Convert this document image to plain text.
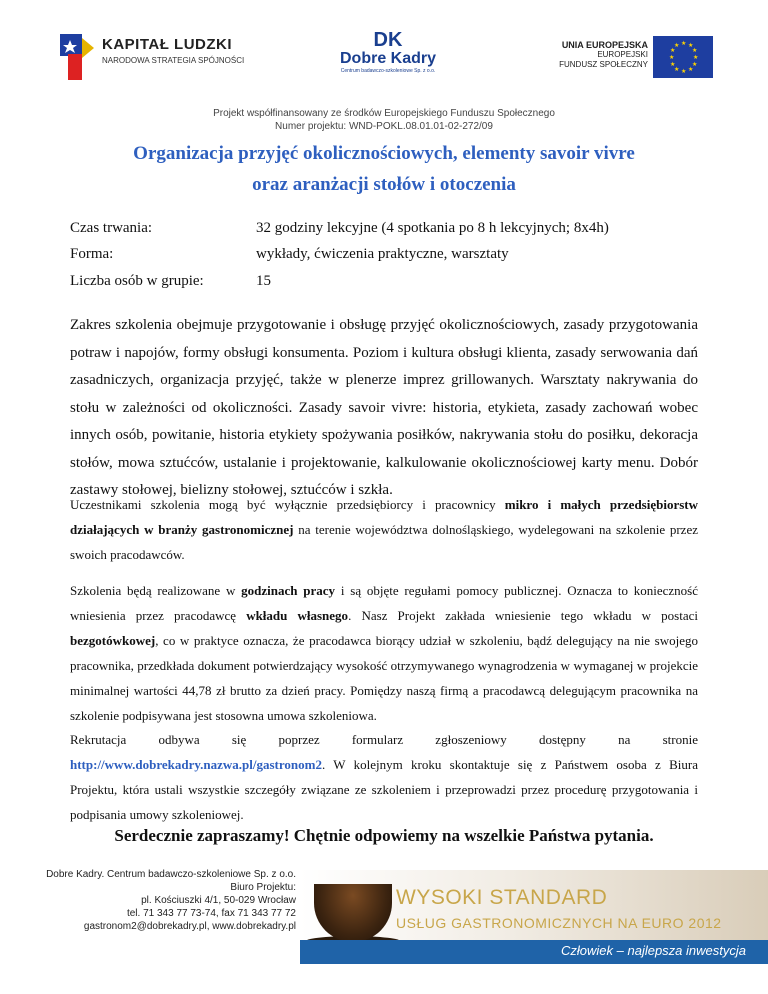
KAPITAŁ LUDZKI
NARODOWA STRATEGIA SPÓJNOŚCI
DK
Dobre Kadry
Centrum badawczo-szkoleniowe Sp. z o.o.
UNIA EUROPEJSKA
EUROPEJSKI
FUNDUSZ SPOŁECZNY
★ ★
★
★
★
★
★
★
★
★
★
★
Projekt współfinansowany ze środków Europejskiego Funduszu Społecznego
Numer projektu: WND-POKL.08.01.01-02-272/09
Organizacja przyjęć okolicznościowych, elementy savoir vivre
oraz aranżacji stołów i otoczenia
Czas trwania:	32 godziny lekcyjne (4 spotkania po 8 h lekcyjnych; 8x4h)
Forma:	wykłady, ćwiczenia praktyczne, warsztaty
Liczba osób w grupie:	15
Zakres szkolenia obejmuje przygotowanie i obsługę przyjęć okolicznościowych, zasady przygotowania potraw i napojów, formy obsługi konsumenta. Poziom i kultura obsługi klienta, zasady serwowania dań zasadniczych, organizacja przyjęć, także w plenerze imprez grillowanych. Warsztaty nakrywania do stołu w zależności od okoliczności. Zasady savoir vivre: historia, etykieta, zasady zachowań wobec innych osób, powitanie, historia etykiety spożywania posiłków, nakrywania stołu do posiłku, dekoracja stołów, mowa sztućców, ustalanie i projektowanie, kalkulowanie okolicznościowej karty menu. Dobór zastawy stołowej, bielizny stołowej, sztućców i szkła.
Uczestnikami szkolenia mogą być wyłącznie przedsiębiorcy i pracownicy mikro i małych przedsiębiorstw działających w branży gastronomicznej na terenie województwa dolnośląskiego, wydelegowani na szkolenie przez swoich pracodawców.
Szkolenia będą realizowane w godzinach pracy i są objęte regułami pomocy publicznej. Oznacza to konieczność wniesienia przez pracodawcę wkładu własnego. Nasz Projekt zakłada wniesienie tego wkładu w postaci bezgotówkowej, co w praktyce oznacza, że pracodawca biorący udział w szkoleniu, bądź delegujący na nie swojego pracownika, przedkłada dokument potwierdzający wysokość otrzymywanego wynagrodzenia w wymaganej w projekcie minimalnej wartości 44,78 zł brutto za dzień pracy. Pomiędzy naszą firmą a pracodawcą delegującym pracownika na szkolenie podpisywana jest stosowna umowa szkoleniowa.
Rekrutacja odbywa się poprzez formularz zgłoszeniowy dostępny na stronie http://www.dobrekadry.nazwa.pl/gastronom2. W kolejnym kroku skontaktuje się z Państwem osoba z Biura Projektu, która ustali wszystkie szczegóły związane ze szkoleniem i przeprowadzi przez procedurę przygotowania i podpisania umowy szkoleniowej.
Serdecznie zapraszamy! Chętnie odpowiemy na wszelkie Państwa pytania.
Dobre Kadry. Centrum badawczo-szkoleniowe Sp. z o.o.
Biuro Projektu:
pl. Kościuszki 4/1, 50-029 Wrocław
tel. 71 343 77 73-74, fax 71 343 77 72
gastronom2@dobrekadry.pl, www.dobrekadry.pl
WYSOKI STANDARD
USŁUG GASTRONOMICZNYCH NA EURO 2012
Człowiek – najlepsza inwestycja
